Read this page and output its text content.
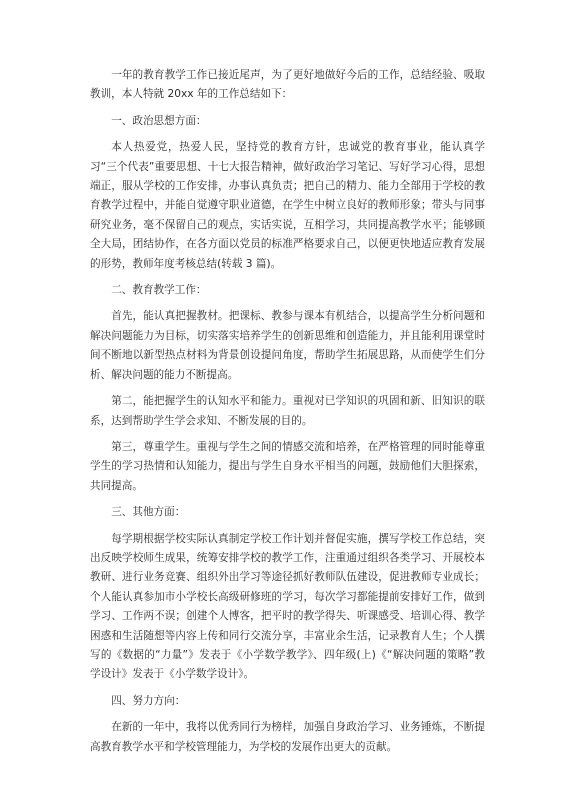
一年的教育教学工作已接近尾声，为了更好地做好今后的工作，总结经验、吸取教训，本人特就 20xx 年的工作总结如下：

一、政治思想方面：

本人热爱党，热爱人民，坚持党的教育方针，忠诚党的教育事业，能认真学习“三个代表”重要思想、十七大报告精神，做好政治学习笔记、写好学习心得，思想端正，服从学校的工作安排，办事认真负责；把自己的精力、能力全部用于学校的教育教学过程中，并能自觉遵守职业道德，在学生中树立良好的教师形象；带头与同事研究业务，毫不保留自己的观点，实话实说，互相学习，共同提高教学水平；能够顾全大局，团结协作，在各方面以党员的标准严格要求自己，以便更快地适应教育发展的形势，教师年度考核总结(转载 3 篇)。

二、教育教学工作：

首先，能认真把握教材。把课标、教参与课本有机结合，以提高学生分析问题和解决问题能力为目标，切实落实培养学生的创新思维和创造能力，并且能利用课堂时间不断地以新型热点材料为背景创设提问角度，帮助学生拓展思路，从而使学生们分析、解决问题的能力不断提高。

第二，能把握学生的认知水平和能力。重视对已学知识的巩固和新、旧知识的联系，达到帮助学生学会求知、不断发展的目的。

第三，尊重学生。重视与学生之间的情感交流和培养，在严格管理的同时能尊重学生的学习热情和认知能力，提出与学生自身水平相当的问题，鼓励他们大胆探索，共同提高。

三、其他方面：

每学期根据学校实际认真制定学校工作计划并督促实施，撰写学校工作总结，突出反映学校师生成果，统筹安排学校的教学工作，注重通过组织各类学习、开展校本教研、进行业务竞赛、组织外出学习等途径抓好教师队伍建设，促进教师专业成长；个人能认真参加市小学校长高级研修班的学习，每次学习都能提前安排好工作，做到学习、工作两不误；创建个人博客，把平时的教学得失、听课感受、培训心得、教学困惑和生活随想等内容上传和同行交流分享，丰富业余生活，记录教育人生；个人撰写的《数据的“力量”》发表于《小学数学教学》、四年级(上)《“解决问题的策略”教学设计》发表于《小学数学设计》。

四、努力方向：

在新的一年中，我将以优秀同行为榜样，加强自身政治学习、业务锤炼，不断提高教育教学水平和学校管理能力，为学校的发展作出更大的贡献。
